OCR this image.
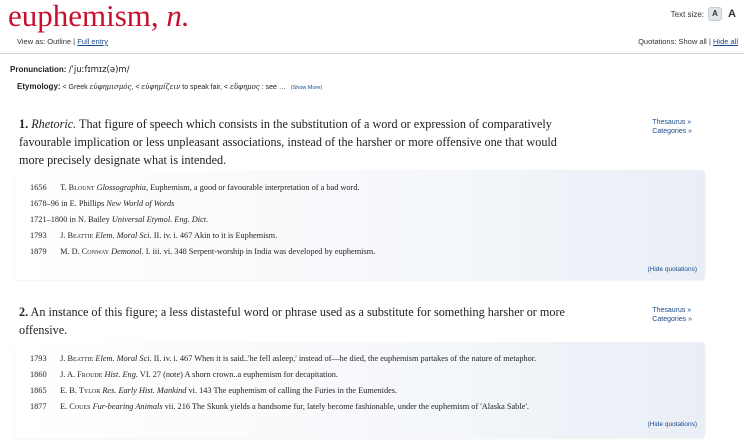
euphemism, n.	Text size:	A A
View as: Outline | Full entry	Quotations: Show all | Hide all
Pronunciation: /ˈjuːfɪmɪz(ə)m/
Etymology: < Greek εὐφημισμός, < εὐφημίζειν to speak fair, < εὔφημος : see … (Show More)
1. Rhetoric. That figure of speech which consists in the substitution of a word or expression of comparatively favourable implication or less unpleasant associations, instead of the harsher or more offensive one that would more precisely designate what is intended.
Thesaurus »
Categories »
1656 T. Blount Glossographia, Euphemism, a good or favourable interpretation of a bad word.
1678–96 in E. Phillips New World of Words
1721–1800 in N. Bailey Universal Etymol. Eng. Dict.
1793 J. Beattie Elem. Moral Sci. II. iv. i. 467 Akin to it is Euphemism.
1879 M. D. Conway Demonol. I. iii. vi. 348 Serpent-worship in India was developed by euphemism.
(Hide quotations)
2. An instance of this figure; a less distasteful word or phrase used as a substitute for something harsher or more offensive.
Thesaurus »
Categories »
1793 J. Beattie Elem. Moral Sci. II. iv. i. 467 When it is said..'he fell asleep,' instead of—he died, the euphemism partakes of the nature of metaphor.
1860 J. A. Froude Hist. Eng. VI. 27 (note) A shorn crown..a euphemism for decapitation.
1865 E. B. Tylor Res. Early Hist. Mankind vi. 143 The euphemism of calling the Furies in the Eumenides.
1877 E. Coues Fur-bearing Animals vii. 216 The Skunk yields a handsome fur, lately become fashionable, under the euphemism of 'Alaska Sable'.
(Hide quotations)
